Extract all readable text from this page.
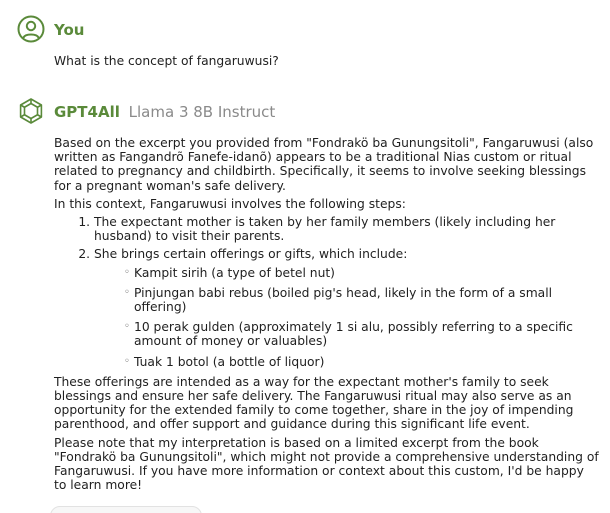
You

What is the concept of fangaruwusi?

GPT4All Llama 3 8B Instruct

Based on the excerpt you provided from "Fondrakö ba Gunungsitoli", Fangaruwusi (also written as Fangandrõ Fanefe-idanõ) appears to be a traditional Nias custom or ritual related to pregnancy and childbirth. Specifically, it seems to involve seeking blessings for a pregnant woman's safe delivery.

In this context, Fangaruwusi involves the following steps:

1. The expectant mother is taken by her family members (likely including her husband) to visit their parents.
2. She brings certain offerings or gifts, which include:
◦ Kampit sirih (a type of betel nut)
◦ Pinjungan babi rebus (boiled pig's head, likely in the form of a small offering)
◦ 10 perak gulden (approximately 1 si alu, possibly referring to a specific amount of money or valuables)
◦ Tuak 1 botol (a bottle of liquor)

These offerings are intended as a way for the expectant mother's family to seek blessings and ensure her safe delivery. The Fangaruwusi ritual may also serve as an opportunity for the extended family to come together, share in the joy of impending parenthood, and offer support and guidance during this significant life event.

Please note that my interpretation is based on a limited excerpt from the book "Fondrakö ba Gunungsitoli", which might not provide a comprehensive understanding of Fangaruwusi. If you have more information or context about this custom, I'd be happy to learn more!
